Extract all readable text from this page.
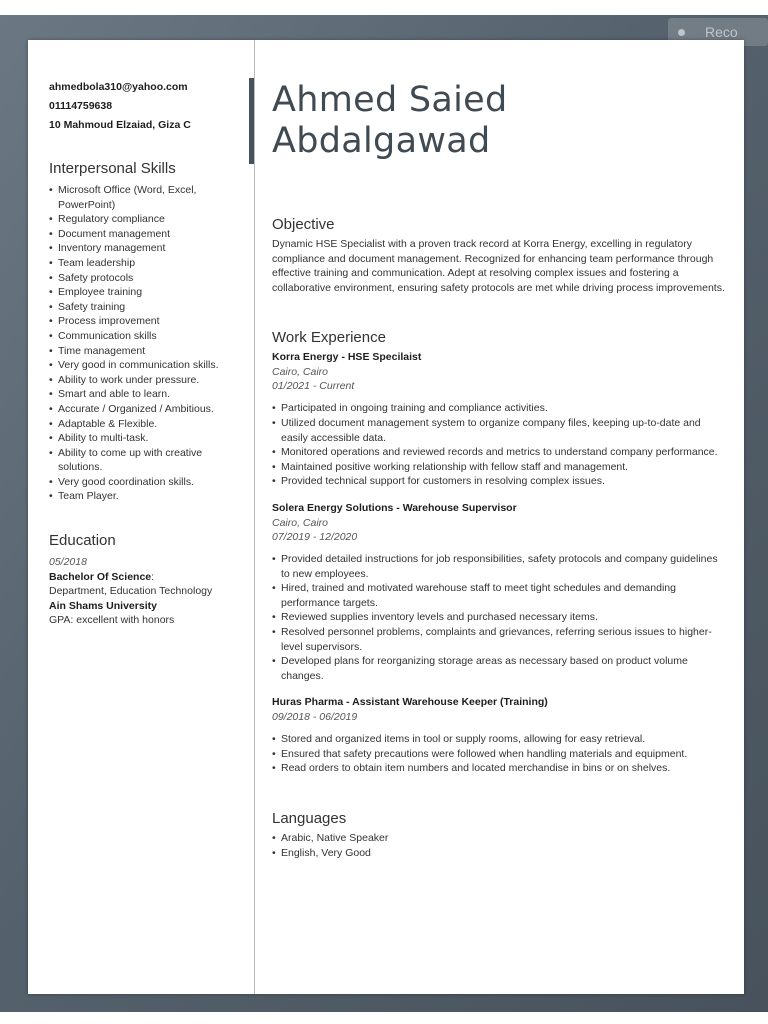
Reco
ahmedbola310@yahoo.com
01114759638
10 Mahmoud Elzaiad, Giza C
Interpersonal Skills
• Microsoft Office (Word, Excel, PowerPoint)
• Regulatory compliance
• Document management
• Inventory management
• Team leadership
• Safety protocols
• Employee training
• Safety training
• Process improvement
• Communication skills
• Time management
• Very good in communication skills.
• Ability to work under pressure.
• Smart and able to learn.
• Accurate / Organized / Ambitious.
• Adaptable & Flexible.
• Ability to multi-task.
• Ability to come up with creative solutions.
• Very good coordination skills.
• Team Player.
Education
05/2018
Bachelor Of Science:
Department, Education Technology
Ain Shams University
GPA: excellent with honors
Ahmed Saied
Abdalgawad
Objective
Dynamic HSE Specialist with a proven track record at Korra Energy, excelling in regulatory compliance and document management. Recognized for enhancing team performance through effective training and communication. Adept at resolving complex issues and fostering a collaborative environment, ensuring safety protocols are met while driving process improvements.
Work Experience
Korra Energy - HSE Specilaist
Cairo, Cairo
01/2021 - Current
• Participated in ongoing training and compliance activities.
• Utilized document management system to organize company files, keeping up-to-date and easily accessible data.
• Monitored operations and reviewed records and metrics to understand company performance.
• Maintained positive working relationship with fellow staff and management.
• Provided technical support for customers in resolving complex issues.
Solera Energy Solutions - Warehouse Supervisor
Cairo, Cairo
07/2019 - 12/2020
• Provided detailed instructions for job responsibilities, safety protocols and company guidelines to new employees.
• Hired, trained and motivated warehouse staff to meet tight schedules and demanding performance targets.
• Reviewed supplies inventory levels and purchased necessary items.
• Resolved personnel problems, complaints and grievances, referring serious issues to higher-level supervisors.
• Developed plans for reorganizing storage areas as necessary based on product volume changes.
Huras Pharma - Assistant Warehouse Keeper (Training)
09/2018 - 06/2019
• Stored and organized items in tool or supply rooms, allowing for easy retrieval.
• Ensured that safety precautions were followed when handling materials and equipment.
• Read orders to obtain item numbers and located merchandise in bins or on shelves.
Languages
• Arabic, Native Speaker
• English, Very Good
